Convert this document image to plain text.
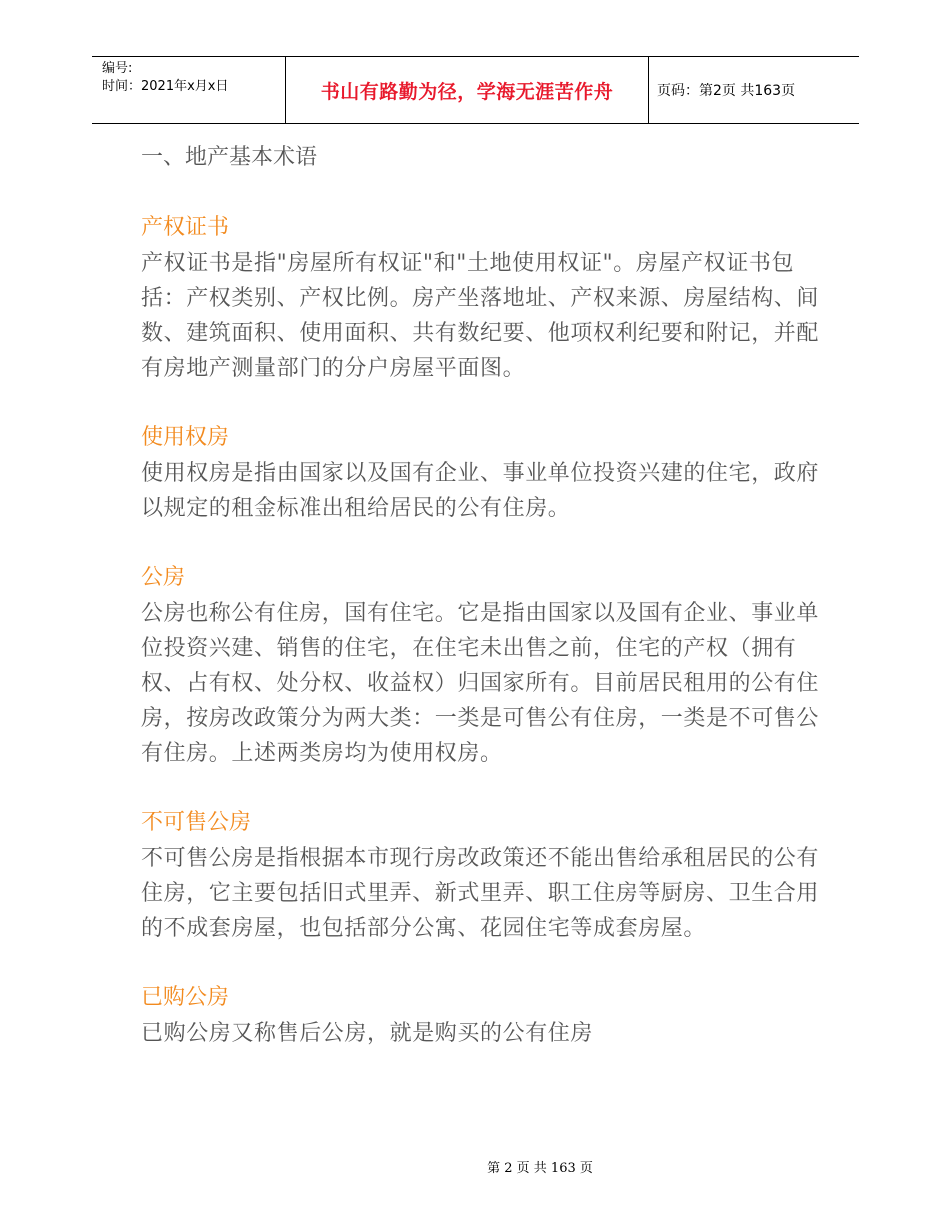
编号:
时间：2021年x月x日	书山有路勤为径，学海无涯苦作舟	页码：第2页 共163页
一、地产基本术语
产权证书

产权证书是指"房屋所有权证"和"土地使用权证"。房屋产权证书包括：产权类别、产权比例。房产坐落地址、产权来源、房屋结构、间数、建筑面积、使用面积、共有数纪要、他项权利纪要和附记，并配有房地产测量部门的分户房屋平面图。

使用权房

使用权房是指由国家以及国有企业、事业单位投资兴建的住宅，政府以规定的租金标准出租给居民的公有住房。

公房

公房也称公有住房，国有住宅。它是指由国家以及国有企业、事业单位投资兴建、销售的住宅，在住宅未出售之前，住宅的产权（拥有权、占有权、处分权、收益权）归国家所有。目前居民租用的公有住房，按房改政策分为两大类：一类是可售公有住房，一类是不可售公有住房。上述两类房均为使用权房。

不可售公房

不可售公房是指根据本市现行房改政策还不能出售给承租居民的公有住房，它主要包括旧式里弄、新式里弄、职工住房等厨房、卫生合用的不成套房屋，也包括部分公寓、花园住宅等成套房屋。

已购公房

已购公房又称售后公房，就是购买的公有住房

第 2 页 共 163 页
